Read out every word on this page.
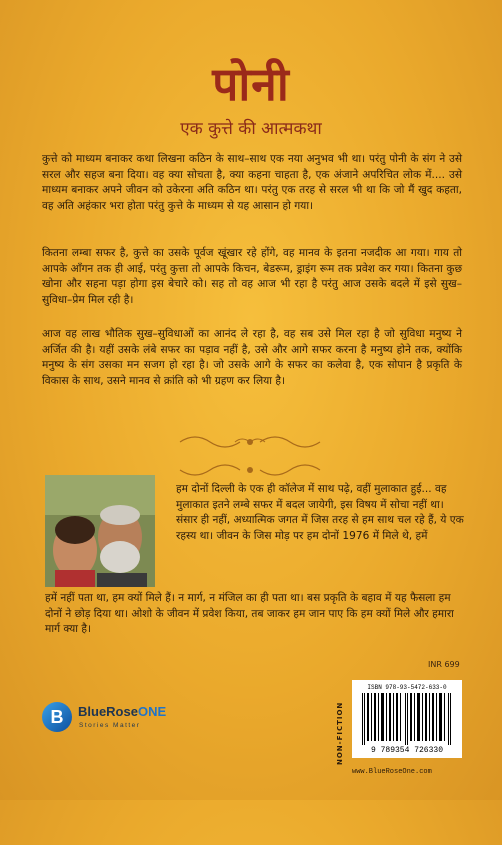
पोनी
एक कुत्ते की आत्मकथा

कुत्ते को माध्यम बनाकर कथा लिखना कठिन के साथ–साथ एक नया अनुभव भी था। परंतु पोनी के संग ने उसे सरल और सहज बना दिया। वह क्या सोचता है, क्या कहना चाहता है, एक अंजाने अपरिचित लोक में.... उसे माध्यम बनाकर अपने जीवन को उकेरना अति कठिन था। परंतु एक तरह से सरल भी था कि जो मैं खुद कहता, वह अति अहंकार भरा होता परंतु कुत्ते के माध्यम से यह आसान हो गया।

कितना लम्बा सफर है, कुत्ते का उसके पूर्वज खूंखार रहे होंगे, वह मानव के इतना नजदीक आ गया। गाय तो आपके आँगन तक ही आई, परंतु कुत्ता तो आपके किचन, बेडरूम, ड्राइंग रूम तक प्रवेश कर गया। कितना कुछ खोना और सहना पड़ा होगा इस बेचारे को। सह तो वह आज भी रहा है परंतु आज उसके बदले में इसे सुख–सुविधा–प्रेम मिल रही है।

आज वह लाख भौतिक सुख–सुविधाओं का आनंद ले रहा है, वह सब उसे मिल रहा है जो सुविधा मनुष्य ने अर्जित की है। यहीं उसके लंबे सफर का पड़ाव नहीं है, उसे और आगे सफर करना है मनुष्य होने तक, क्योंकि मनुष्य के संग उसका मन सजग हो रहा है। जो उसके आगे के सफर का कलेवा है, एक सोपान है प्रकृति के विकास के साथ, उसने मानव से क्रांति को भी ग्रहण कर लिया है।

हम दोनों दिल्ली के एक ही कॉलेज में साथ पढ़े, वहीं मुलाकात हुई... वह मुलाकात इतने लम्बे सफर में बदल जायेगी, इस विषय में सोचा नहीं था। संसार ही नहीं, अध्यात्मिक जगत में जिस तरह से हम साथ चल रहे हैं, ये एक रहस्य था। जीवन के जिस मोड़ पर हम दोनों 1976 में मिले थे, हमें

हमें नहीं पता था, हम क्यों मिले हैं। न मार्ग, न मंजिल का ही पता था। बस प्रकृति के बहाव में यह फैसला हम दोनों ने छोड़ दिया था। ओशो के जीवन में प्रवेश किया, तब जाकर हम जान पाए कि हम क्यों मिले और हमारा मार्ग क्या है।

INR 699
B	BlueRoseONE
Stories Matter	NON-FICTION
ISBN 978-93-5472-633-0
9 789354 726330
www.BlueRoseOne.com
